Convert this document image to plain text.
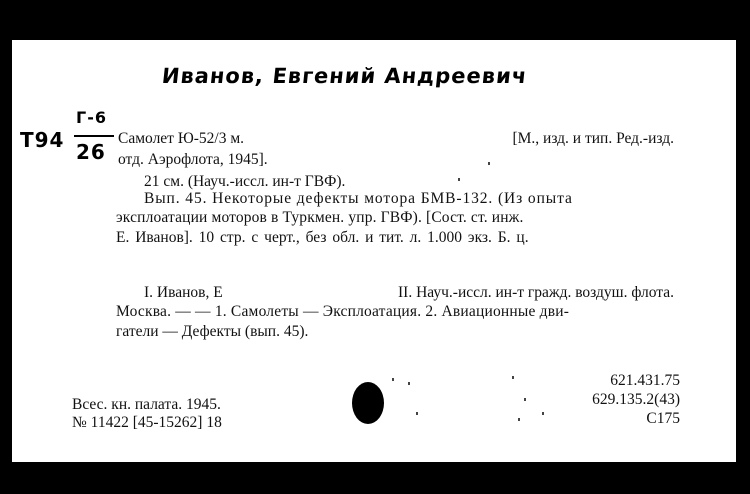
Иванов, Евгений Андреевич
Т94
Г-6
26
Самолет Ю-52/3 м.	[М., изд. и тип. Ред.-изд.
отд. Аэрофлота, 1945].
21 см. (Науч.-иссл. ин-т ГВФ).
Вып. 45. Некоторые дефекты мотора БМВ-132. (Из опыта
эксплоатации моторов в Туркмен. упр. ГВФ). [Сост. ст. инж.
Е. Иванов]. 10 стр. с черт., без обл. и тит. л. 1.000 экз. Б. ц.
I. Иванов, Е	II. Науч.-иссл. ин-т гражд. воздуш. флота.
Москва. — — 1. Самолеты — Эксплоатация. 2. Авиационные дви-
гатели — Дефекты (вып. 45).
Всес. кн. палата. 1945.
№ 11422 [45-15262] 18
621.431.75
629.135.2(43)
С175
